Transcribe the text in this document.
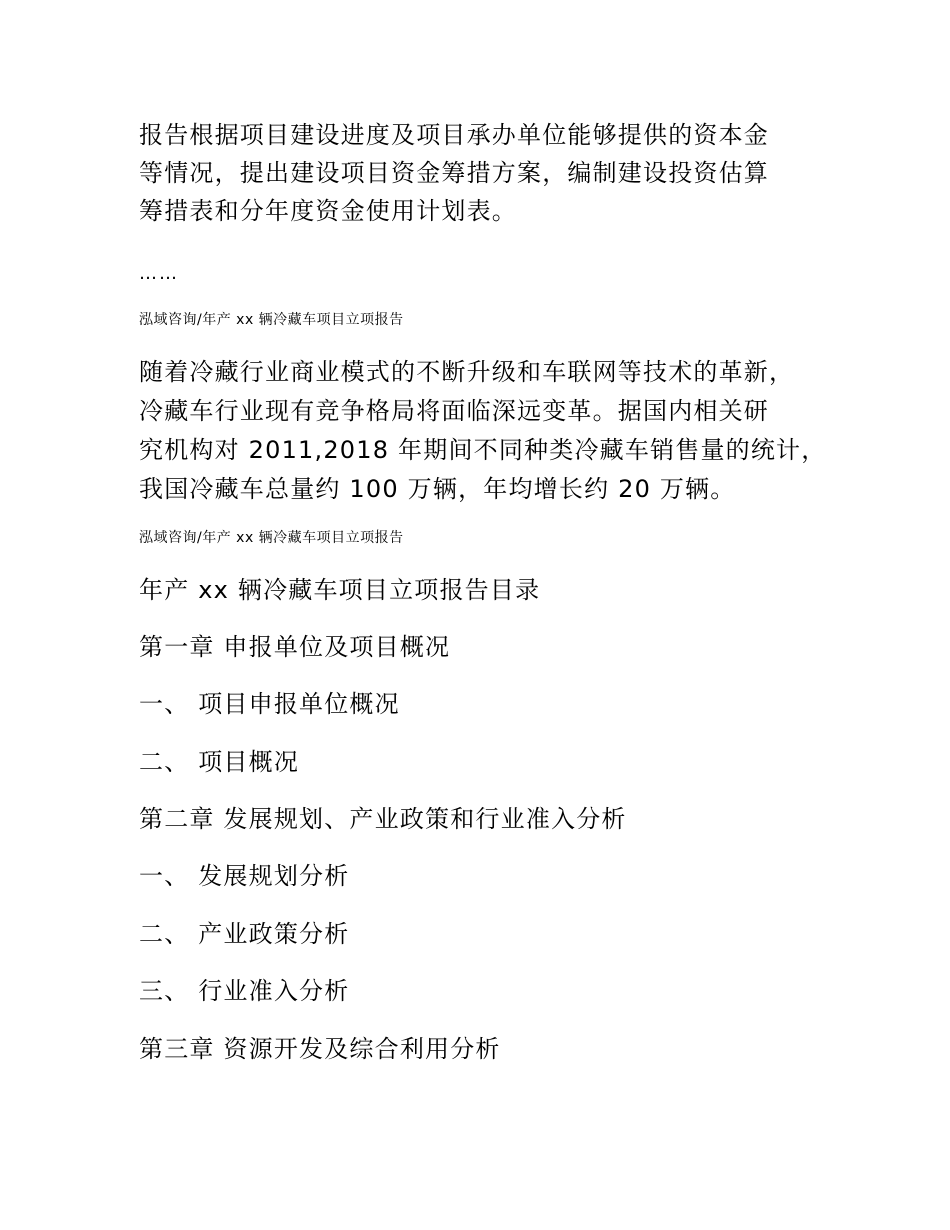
报告根据项目建设进度及项目承办单位能够提供的资本金
等情况，提出建设项目资金筹措方案，编制建设投资估算
筹措表和分年度资金使用计划表。
……
泓域咨询/年产 xx 辆冷藏车项目立项报告
随着冷藏行业商业模式的不断升级和车联网等技术的革新，
冷藏车行业现有竞争格局将面临深远变革。据国内相关研
究机构对 2011,2018 年期间不同种类冷藏车销售量的统计，
我国冷藏车总量约 100 万辆，年均增长约 20 万辆。
泓域咨询/年产 xx 辆冷藏车项目立项报告
年产 xx 辆冷藏车项目立项报告目录
第一章 申报单位及项目概况
一、 项目申报单位概况
二、 项目概况
第二章 发展规划、产业政策和行业准入分析
一、 发展规划分析
二、 产业政策分析
三、 行业准入分析
第三章 资源开发及综合利用分析
